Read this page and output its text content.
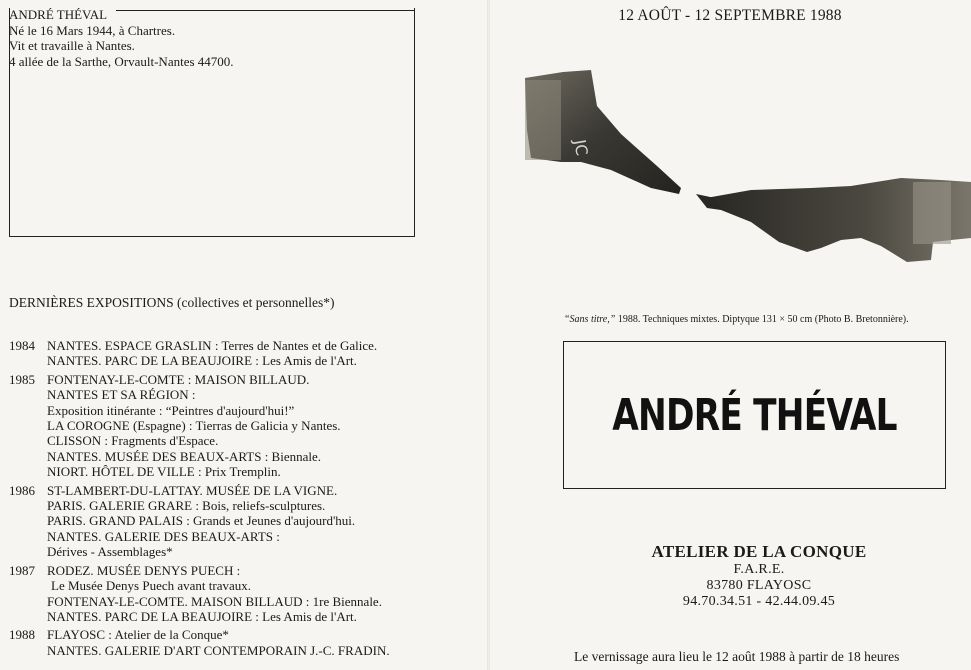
ANDRÉ THÉVAL
Né le 16 Mars 1944, à Chartres.
Vit et travaille à Nantes.
4 allée de la Sarthe, Orvault-Nantes 44700.
DERNIÈRES EXPOSITIONS (collectives et personnelles*)
1984 NANTES. ESPACE GRASLIN : Terres de Nantes et de Galice.
NANTES. PARC DE LA BEAUJOIRE : Les Amis de l'Art.
1985 FONTENAY-LE-COMTE : MAISON BILLAUD.
NANTES ET SA RÉGION :
Exposition itinérante : “Peintres d'aujourd'hui!”
LA COROGNE (Espagne) : Tierras de Galicia y Nantes.
CLISSON : Fragments d'Espace.
NANTES. MUSÉE DES BEAUX-ARTS : Biennale.
NIORT. HÔTEL DE VILLE : Prix Tremplin.
1986 ST-LAMBERT-DU-LATTAY. MUSÉE DE LA VIGNE.
PARIS. GALERIE GRARE : Bois, reliefs-sculptures.
PARIS. GRAND PALAIS : Grands et Jeunes d'aujourd'hui.
NANTES. GALERIE DES BEAUX-ARTS :
Dérives - Assemblages*
1987 RODEZ. MUSÉE DENYS PUECH :
Le Musée Denys Puech avant travaux.
FONTENAY-LE-COMTE. MAISON BILLAUD : 1re Biennale.
NANTES. PARC DE LA BEAUJOIRE : Les Amis de l'Art.
1988 FLAYOSC : Atelier de la Conque*
NANTES. GALERIE D'ART CONTEMPORAIN J.-C. FRADIN.
12 AOÛT - 12 SEPTEMBRE 1988
JC
“Sans titre,” 1988. Techniques mixtes. Diptyque 131 × 50 cm (Photo B. Bretonnière).
ANDRÉ THÉVAL
ATELIER DE LA CONQUE
F.A.R.E.
83780 FLAYOSC
94.70.34.51 - 42.44.09.45
Le vernissage aura lieu le 12 août 1988 à partir de 18 heures
